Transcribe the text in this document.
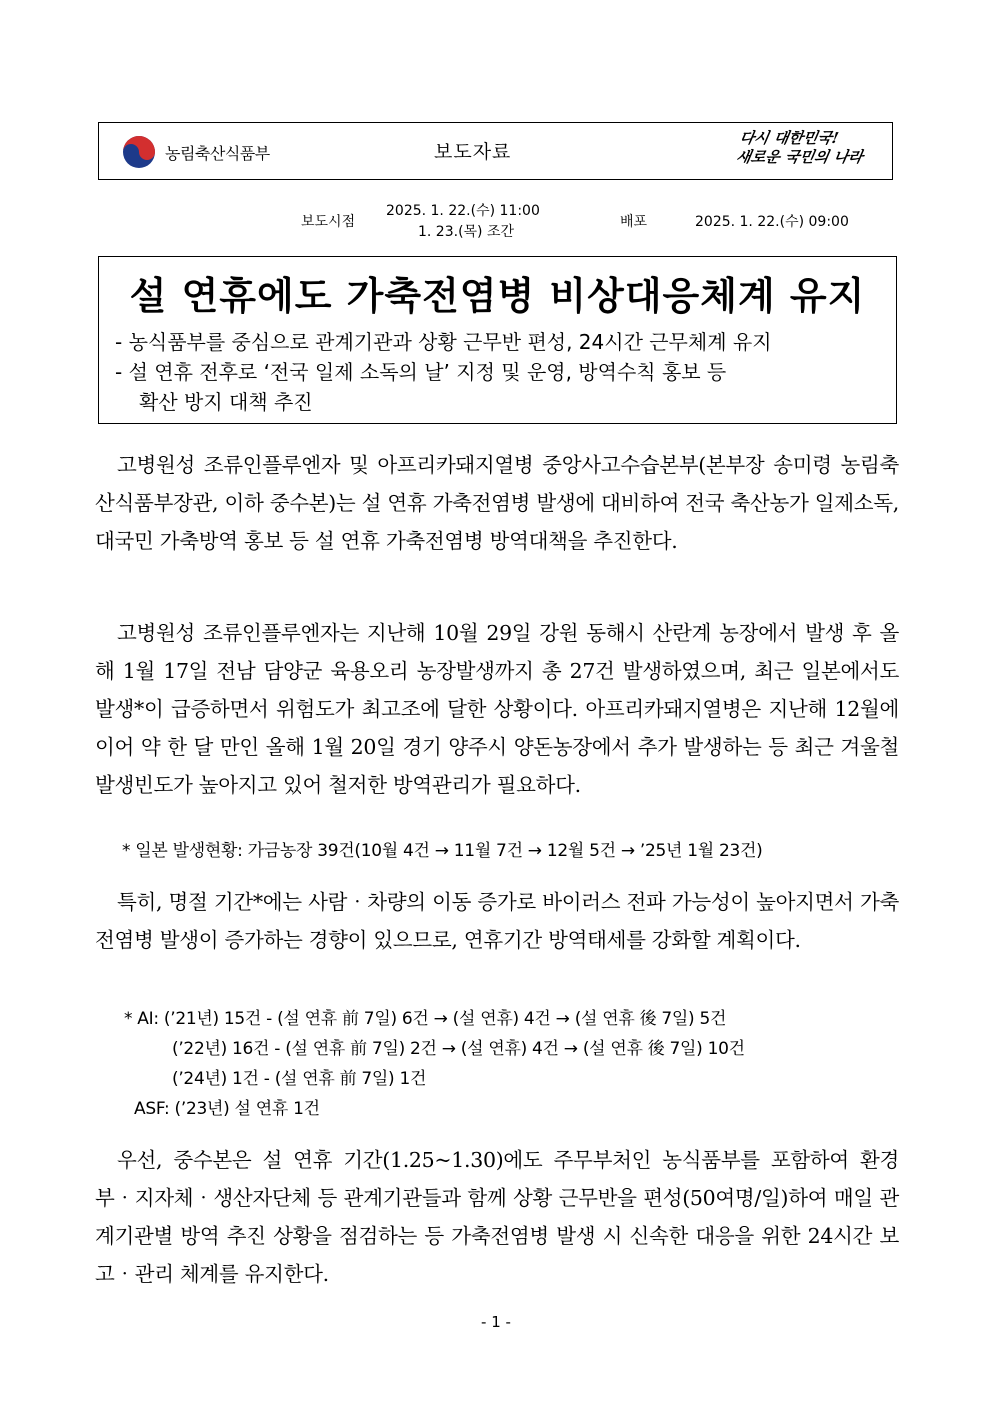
농림축산식품부	보도자료
다시 대한민국!
새로운 국민의 나라
보도시점
2025. 1. 22.(수) 11:00
1. 23.(목) 조간
배포	2025. 1. 22.(수) 09:00
설 연휴에도 가축전염병 비상대응체계 유지
- 농식품부를 중심으로 관계기관과 상황 근무반 편성, 24시간 근무체계 유지
- 설 연휴 전후로 ‘전국 일제 소독의 날’ 지정 및 운영, 방역수칙 홍보 등
확산 방지 대책 추진
고병원성 조류인플루엔자 및 아프리카돼지열병 중앙사고수습본부(본부장 송미령 농림축산식품부장관, 이하 중수본)는 설 연휴 가축전염병 발생에 대비하여 전국 축산농가 일제소독, 대국민 가축방역 홍보 등 설 연휴 가축전염병 방역대책을 추진한다.
고병원성 조류인플루엔자는 지난해 10월 29일 강원 동해시 산란계 농장에서 발생 후 올해 1월 17일 전남 담양군 육용오리 농장발생까지 총 27건 발생하였으며, 최근 일본에서도 발생*이 급증하면서 위험도가 최고조에 달한 상황이다. 아프리카돼지열병은 지난해 12월에 이어 약 한 달 만인 올해 1월 20일 경기 양주시 양돈농장에서 추가 발생하는 등 최근 겨울철 발생빈도가 높아지고 있어 철저한 방역관리가 필요하다.
* 일본 발생현황: 가금농장 39건(10월 4건 → 11월 7건 → 12월 5건 → ’25년 1월 23건)
특히, 명절 기간*에는 사람‧차량의 이동 증가로 바이러스 전파 가능성이 높아지면서 가축전염병 발생이 증가하는 경향이 있으므로, 연휴기간 방역태세를 강화할 계획이다.
* AI: (’21년) 15건 - (설 연휴 前 7일) 6건 → (설 연휴) 4건 → (설 연휴 後 7일) 5건
(’22년) 16건 - (설 연휴 前 7일) 2건 → (설 연휴) 4건 → (설 연휴 後 7일) 10건
(’24년) 1건 - (설 연휴 前 7일) 1건
ASF: (’23년) 설 연휴 1건
우선, 중수본은 설 연휴 기간(1.25~1.30)에도 주무부처인 농식품부를 포함하여 환경부‧지자체‧생산자단체 등 관계기관들과 함께 상황 근무반을 편성(50여명/일)하여 매일 관계기관별 방역 추진 상황을 점검하는 등 가축전염병 발생 시 신속한 대응을 위한 24시간 보고‧관리 체계를 유지한다.
- 1 -
